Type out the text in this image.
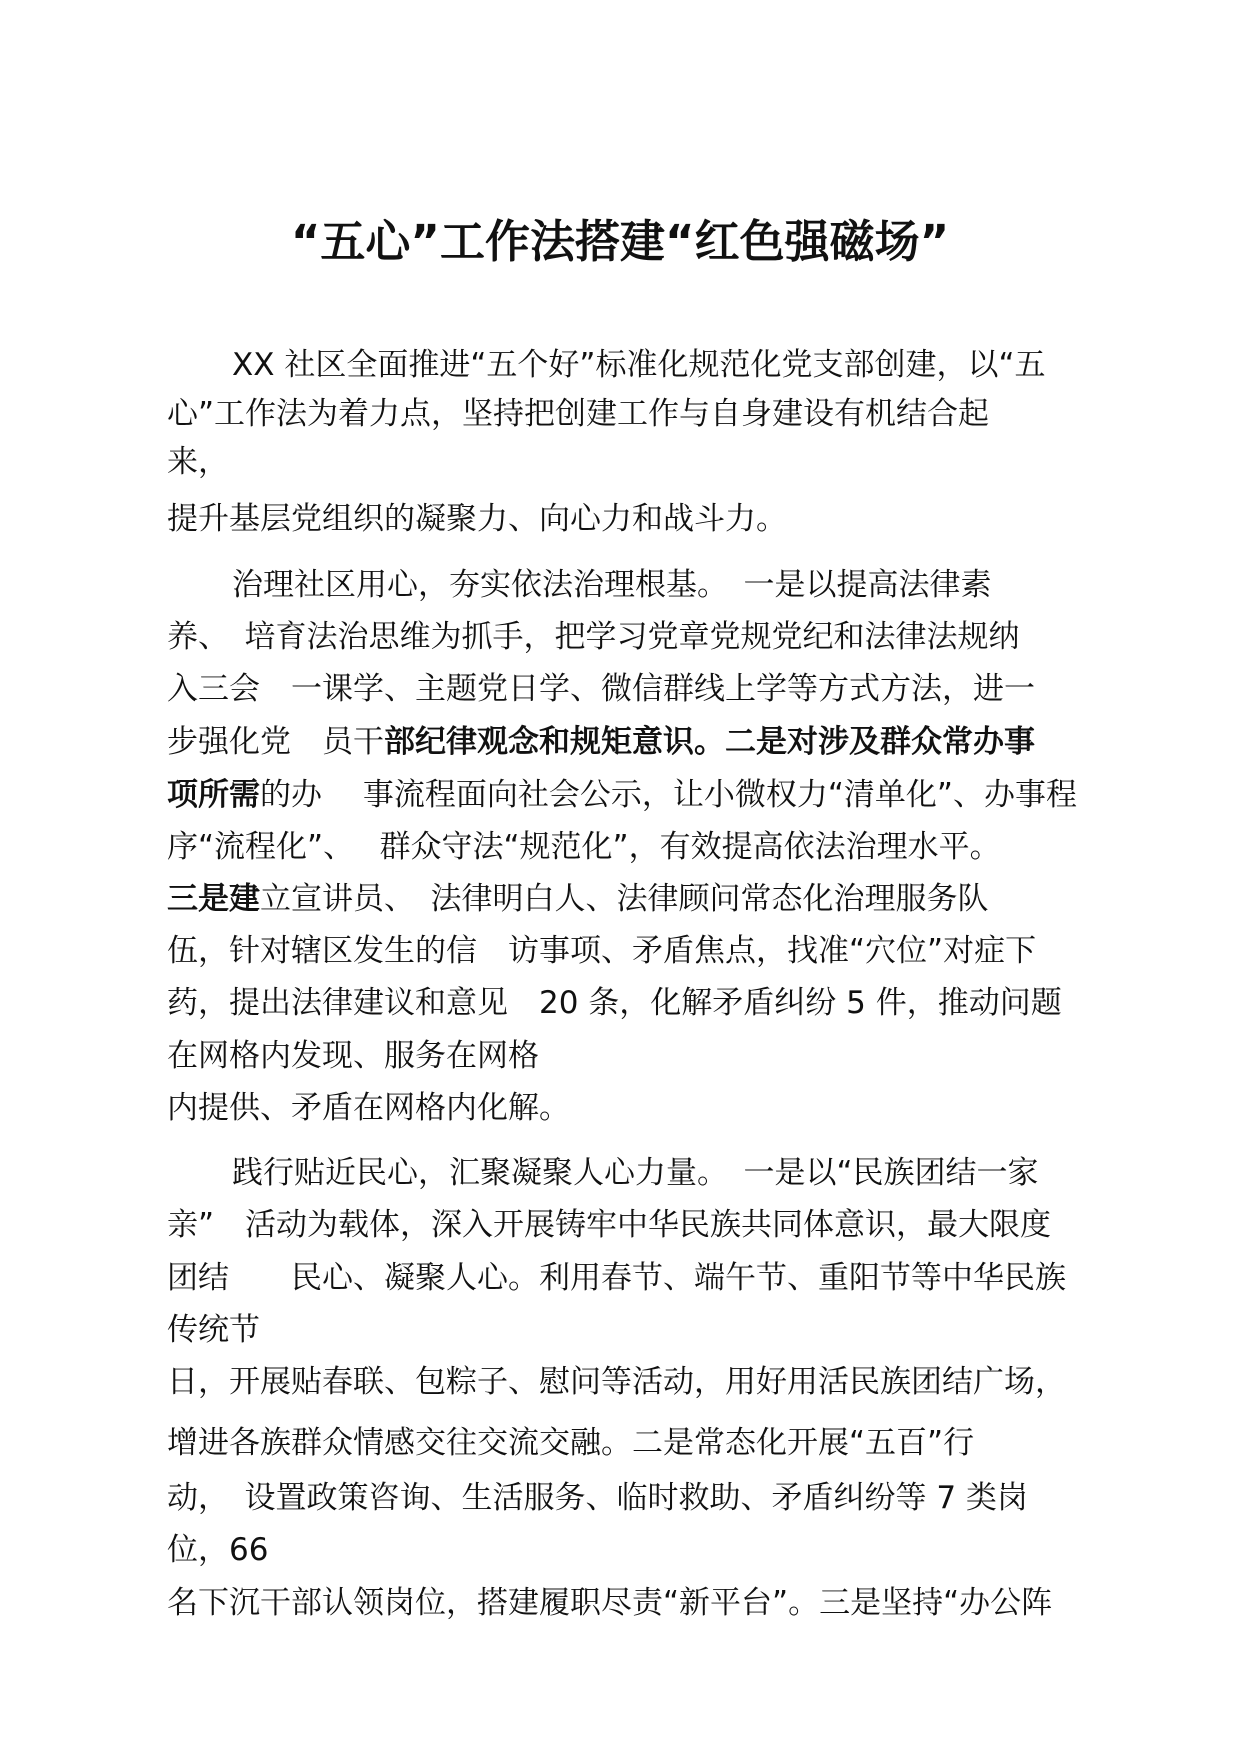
“五心”工作法搭建“红色强磁场”

XX 社区全面推进“五个好”标准化规范化党支部创建，以“五

心”工作法为着力点，坚持把创建工作与自身建设有机结合起

来，

提升基层党组织的凝聚力、向心力和战斗力。

治理社区用心，夯实依法治理根基。　一是以提高法律素

养、　培育法治思维为抓手，把学习党章党规党纪和法律法规纳

入三会　一课学、主题党日学、微信群线上学等方式方法，进一

步强化党　员干部纪律观念和规矩意识。二是对涉及群众常办事

项所需的办　 事流程面向社会公示，让小微权力“清单化”、办事程

序“流程化”、　 群众守法“规范化”，有效提高依法治理水平。

三是建立宣讲员、　法律明白人、法律顾问常态化治理服务队

伍，针对辖区发生的信　访事项、矛盾焦点，找准“穴位”对症下

药，提出法律建议和意见　20 条，化解矛盾纠纷 5 件，推动问题

在网格内发现、服务在网格

内提供、矛盾在网格内化解。

践行贴近民心，汇聚凝聚人心力量。　一是以“民族团结一家

亲”　活动为载体，深入开展铸牢中华民族共同体意识，最大限度

团结　　民心、凝聚人心。利用春节、端午节、重阳节等中华民族

传统节

日，开展贴春联、包粽子、慰问等活动，用好用活民族团结广场，

增进各族群众情感交往交流交融。二是常态化开展“五百”行

动，　设置政策咨询、生活服务、临时救助、矛盾纠纷等 7 类岗

位，66

名下沉干部认领岗位，搭建履职尽责“新平台”。三是坚持“办公阵
